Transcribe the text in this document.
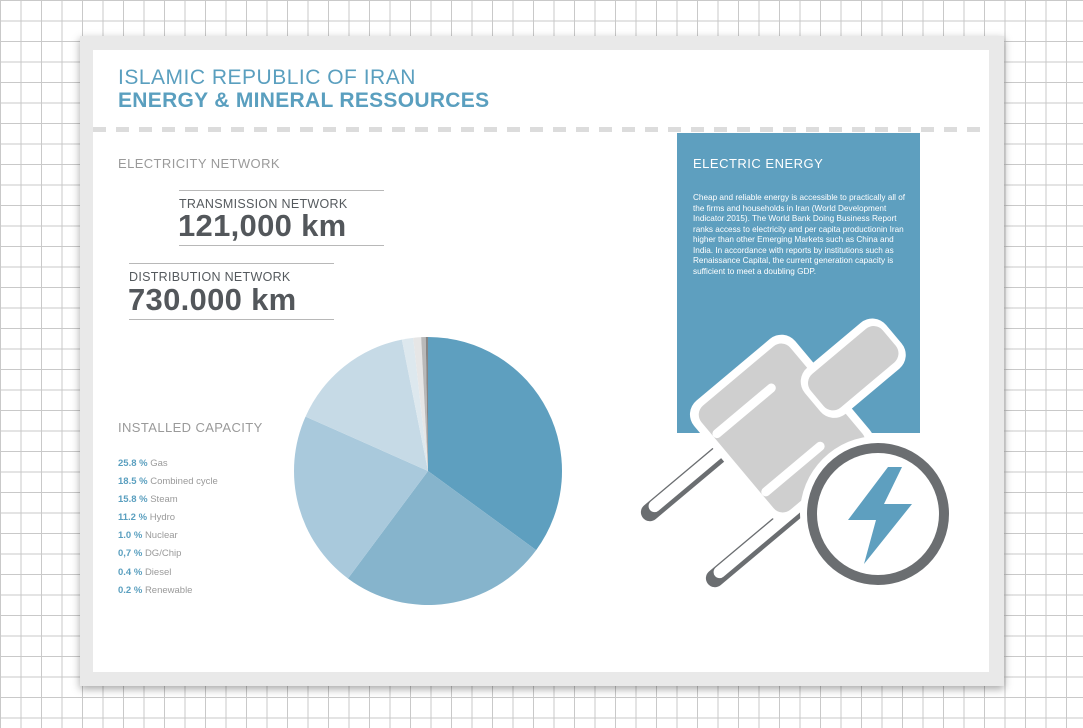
ISLAMIC REPUBLIC OF IRAN
ENERGY & MINERAL RESSOURCES
ELECTRICITY NETWORK
TRANSMISSION NETWORK
121,000 km
DISTRIBUTION NETWORK
730.000 km
INSTALLED CAPACITY
25.8 % Gas
18.5 % Combined cycle
15.8 % Steam
11.2 % Hydro
1.0 % Nuclear
0,7 % DG/Chip
0.4 % Diesel
0.2 % Renewable
ELECTRIC ENERGY
Cheap and reliable energy is accessible to practically all of the firms and households in Iran (World Development Indicator 2015). The World Bank Doing Business Report ranks access to electricity and per capita productionin Iran higher than other Emerging Markets such as China and India. In accordance with reports by institutions such as Renaissance Capital, the current generation capacity is sufficient to meet a doubling GDP.
